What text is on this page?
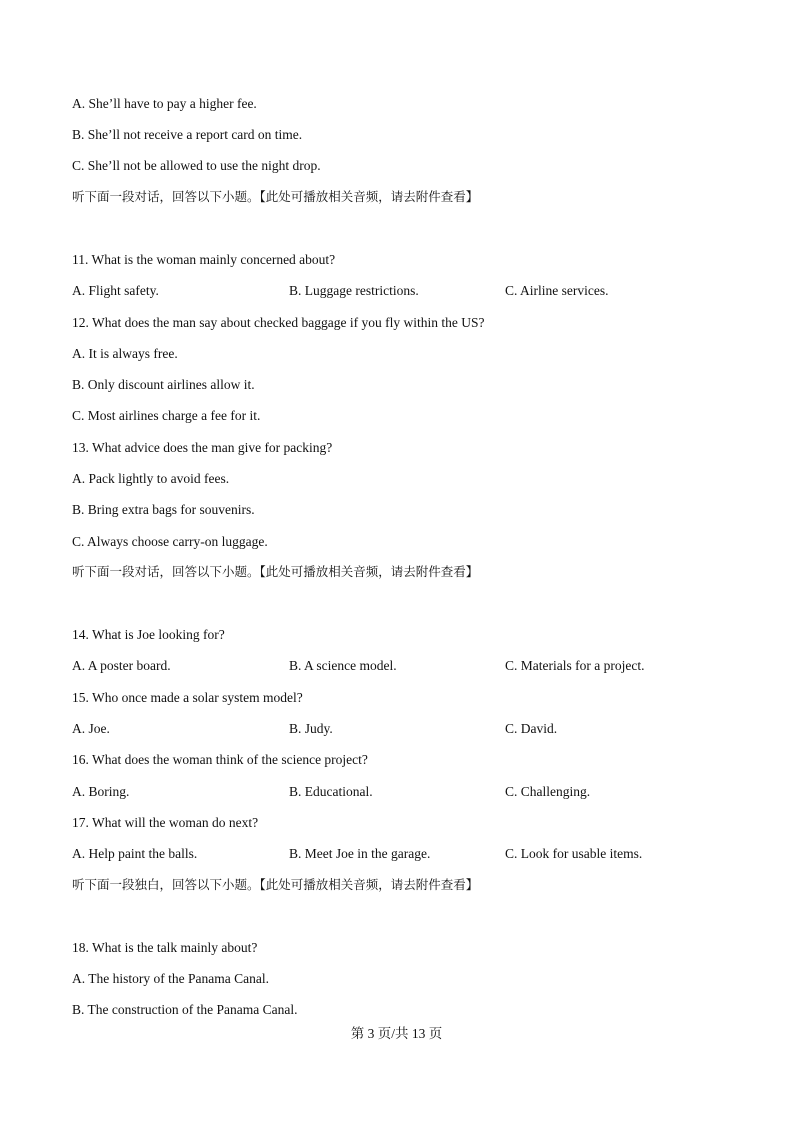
A. She’ll have to pay a higher fee.
B. She’ll not receive a report card on time.
C. She’ll not be allowed to use the night drop.
听下面一段对话，回答以下小题。【此处可播放相关音频，请去附件查看】
11. What is the woman mainly concerned about?
A. Flight safety.	B. Luggage restrictions.	C. Airline services.
12. What does the man say about checked baggage if you fly within the US?
A. It is always free.
B. Only discount airlines allow it.
C. Most airlines charge a fee for it.
13. What advice does the man give for packing?
A. Pack lightly to avoid fees.
B. Bring extra bags for souvenirs.
C. Always choose carry-on luggage.
听下面一段对话，回答以下小题。【此处可播放相关音频，请去附件查看】
14. What is Joe looking for?
A. A poster board.	B. A science model.	C. Materials for a project.
15. Who once made a solar system model?
A. Joe.	B. Judy.	C. David.
16. What does the woman think of the science project?
A. Boring.	B. Educational.	C. Challenging.
17. What will the woman do next?
A. Help paint the balls.	B. Meet Joe in the garage.	C. Look for usable items.
听下面一段独白，回答以下小题。【此处可播放相关音频，请去附件查看】
18. What is the talk mainly about?
A. The history of the Panama Canal.
B. The construction of the Panama Canal.
第 3 页/共 13 页
